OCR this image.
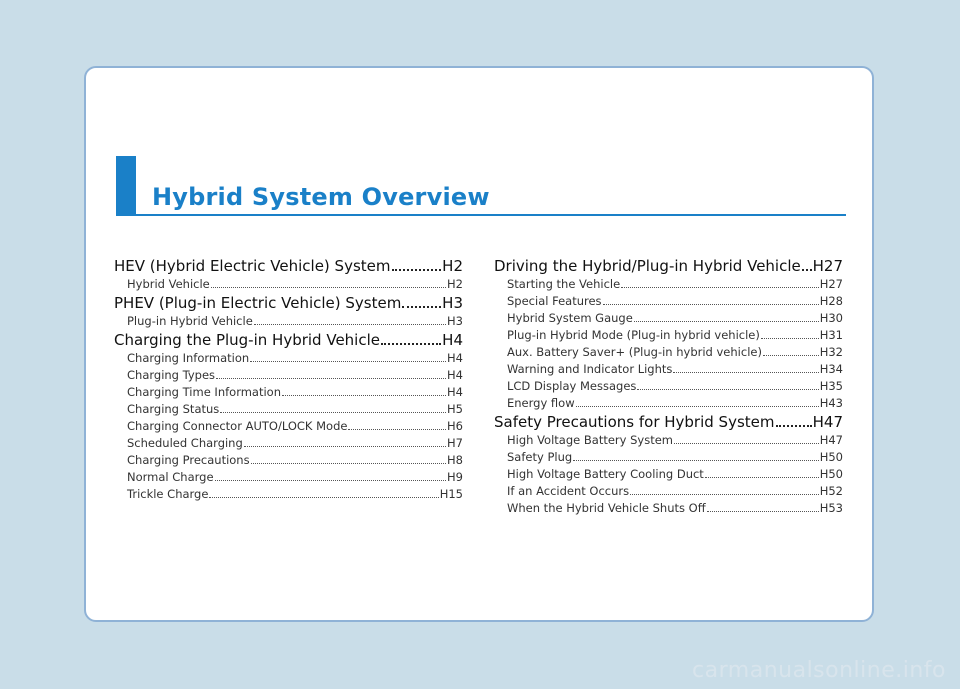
Hybrid System Overview
HEV (Hybrid Electric Vehicle) System	H2
Hybrid Vehicle	H2
PHEV (Plug-in Electric Vehicle) System	H3
Plug-in Hybrid Vehicle	H3
Charging the Plug-in Hybrid Vehicle	H4
Charging Information	H4
Charging Types	H4
Charging Time Information	H4
Charging Status	H5
Charging Connector AUTO/LOCK Mode	H6
Scheduled Charging	H7
Charging Precautions	H8
Normal Charge	H9
Trickle Charge	H15
Driving the Hybrid/Plug-in Hybrid Vehicle H27
Starting the Vehicle	H27
Special Features	H28
Hybrid System Gauge	H30
Plug-in Hybrid Mode (Plug-in hybrid vehicle)	H31
Aux. Battery Saver+ (Plug-in hybrid vehicle)	H32
Warning and Indicator Lights	H34
LCD Display Messages	H35
Energy flow	H43
Safety Precautions for Hybrid System	H47
High Voltage Battery System	H47
Safety Plug	H50
High Voltage Battery Cooling Duct	H50
If an Accident Occurs	H52
When the Hybrid Vehicle Shuts Off	H53
carmanualsonline.info
